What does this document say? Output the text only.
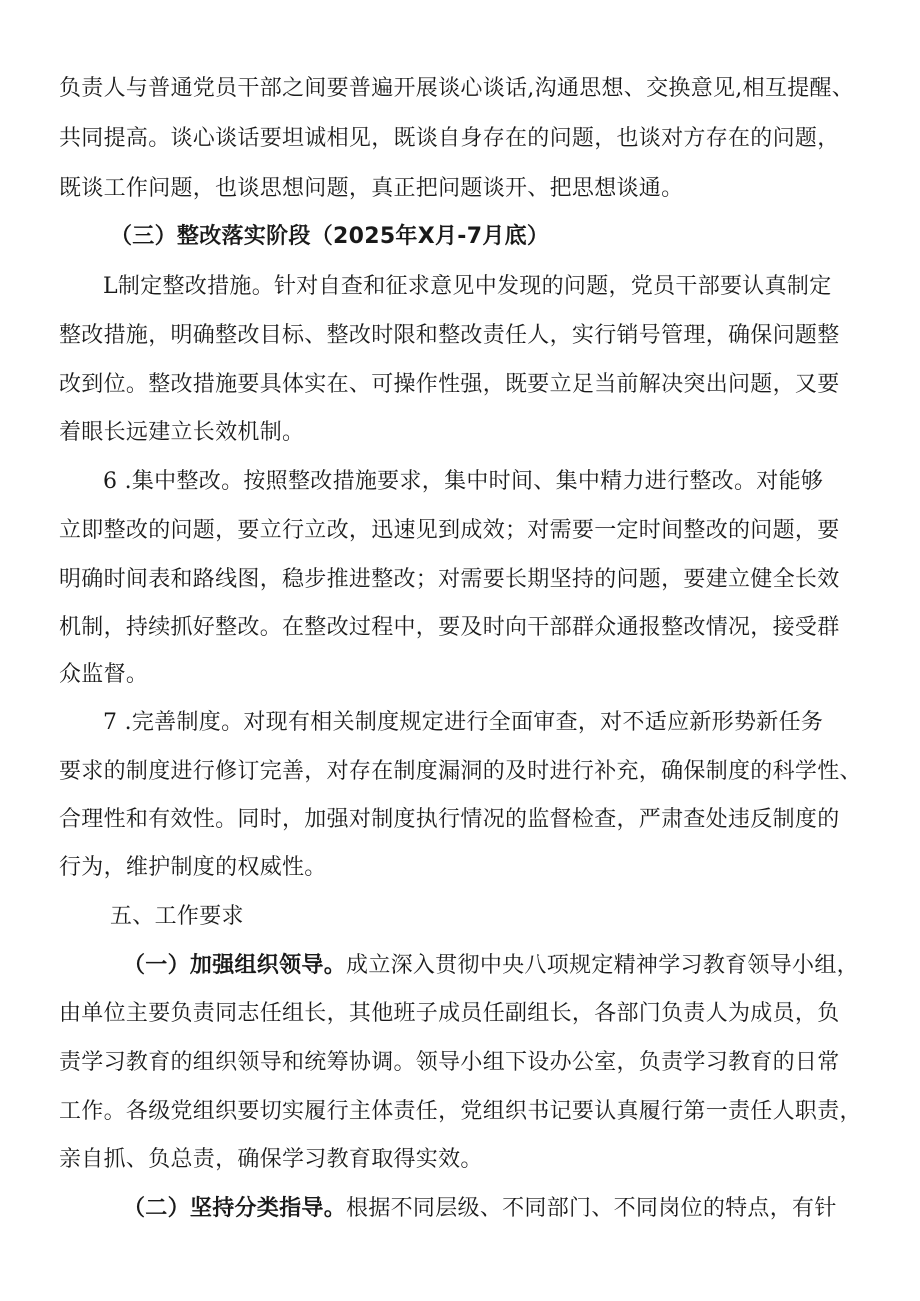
负责人与普通党员干部之间要普遍开展谈心谈话,沟通思想、交换意见,相互提醒、
共同提高。谈心谈话要坦诚相见，既谈自身存在的问题，也谈对方存在的问题，
既谈工作问题，也谈思想问题，真正把问题谈开、把思想谈通。
（三）整改落实阶段（2025年X月-7月底）
L制定整改措施。针对自查和征求意见中发现的问题，党员干部要认真制定
整改措施，明确整改目标、整改时限和整改责任人，实行销号管理，确保问题整
改到位。整改措施要具体实在、可操作性强，既要立足当前解决突出问题，又要
着眼长远建立长效机制。
6 .集中整改。按照整改措施要求，集中时间、集中精力进行整改。对能够
立即整改的问题，要立行立改，迅速见到成效；对需要一定时间整改的问题，要
明确时间表和路线图，稳步推进整改；对需要长期坚持的问题，要建立健全长效
机制，持续抓好整改。在整改过程中，要及时向干部群众通报整改情况，接受群
众监督。
7 .完善制度。对现有相关制度规定进行全面审查，对不适应新形势新任务
要求的制度进行修订完善，对存在制度漏洞的及时进行补充，确保制度的科学性、
合理性和有效性。同时，加强对制度执行情况的监督检查，严肃查处违反制度的
行为，维护制度的权威性。
五、工作要求
（一）加强组织领导。成立深入贯彻中央八项规定精神学习教育领导小组，
由单位主要负责同志任组长，其他班子成员任副组长，各部门负责人为成员，负
责学习教育的组织领导和统筹协调。领导小组下设办公室，负责学习教育的日常
工作。各级党组织要切实履行主体责任，党组织书记要认真履行第一责任人职责，
亲自抓、负总责，确保学习教育取得实效。
（二）坚持分类指导。根据不同层级、不同部门、不同岗位的特点，有针
